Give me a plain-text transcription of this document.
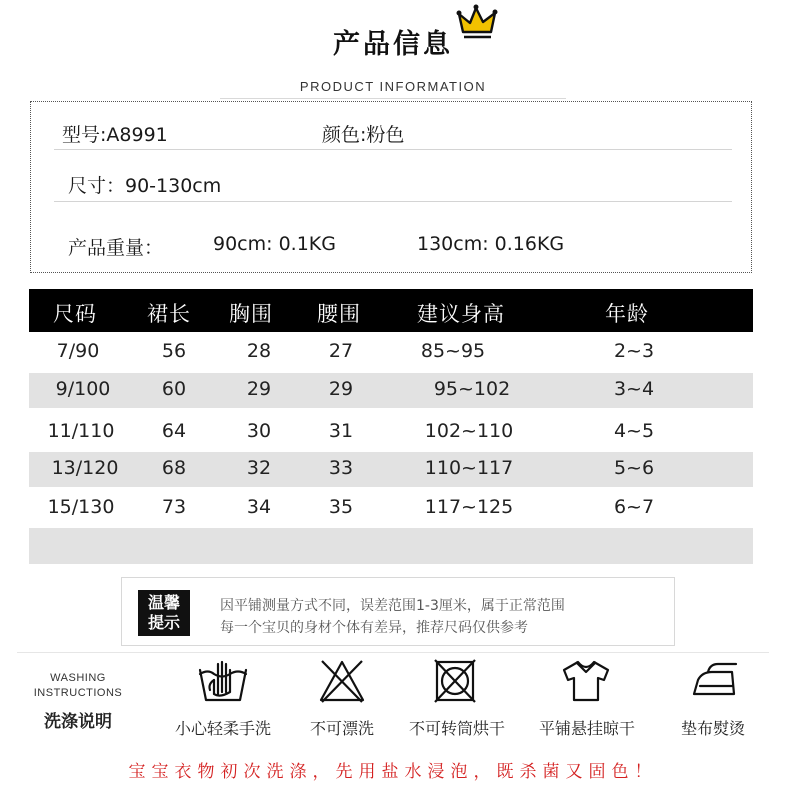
产品信息
PRODUCT INFORMATION
型号:A8991	颜色:粉色
尺寸：90-130cm
产品重量：	90cm: 0.1KG	130cm: 0.16KG
尺码 裙长 胸围 腰围	建议身高	年龄
7/90	56	28	27	85~95	2~3
9/100	60	29	29	95~102	3~4
11/110	64	30	31	102~110	4~5
13/120	68	32	33	110~117	5~6
15/130	73	34	35	117~125	6~7
温馨
提示
因平铺测量方式不同，误差范围1-3厘米，属于正常范围
每一个宝贝的身材个体有差异，推荐尺码仅供参考
WASHING
INSTRUCTIONS
洗涤说明	小心轻柔手洗	不可漂洗	不可转筒烘干	平铺悬挂晾干	垫布熨烫
宝宝衣物初次洗涤，先用盐水浸泡，既杀菌又固色！
